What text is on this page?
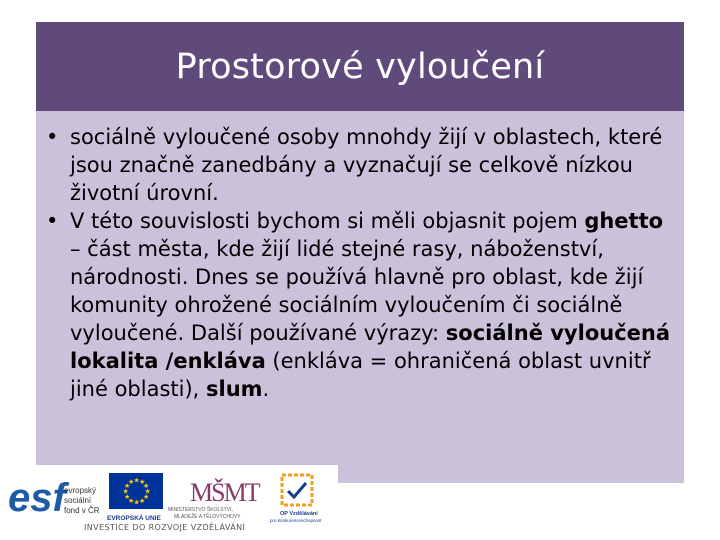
Prostorové vyloučení
• sociálně vyloučené osoby mnohdy žijí v oblastech, které jsou značně zanedbány a vyznačují se celkově nízkou životní úrovní.
• V této souvislosti bychom si měli objasnit pojem ghetto – část města, kde žijí lidé stejné rasy, náboženství, národnosti. Dnes se používá hlavně pro oblast, kde žijí komunity ohrožené sociálním vyloučením či sociálně vyloučené. Další používané výrazy: sociálně vyloučená lokalita /enkláva (enkláva = ohraničená oblast uvnitř jiné oblasti), slum.
esf
evropský
sociální
fond v ČR
★
★
★
★
★
★
★
★
★ ★ ★
★
EVROPSKÁ UNIE
MŠMT
MINISTERSTVO ŠKOLSTVÍ,
MLÁDEŽE A TĚLOVÝCHOVY	OP Vzdělávání
pro konkurenceschopnost
INVESTICE DO ROZVOJE VZDĚLÁVÁNÍ
